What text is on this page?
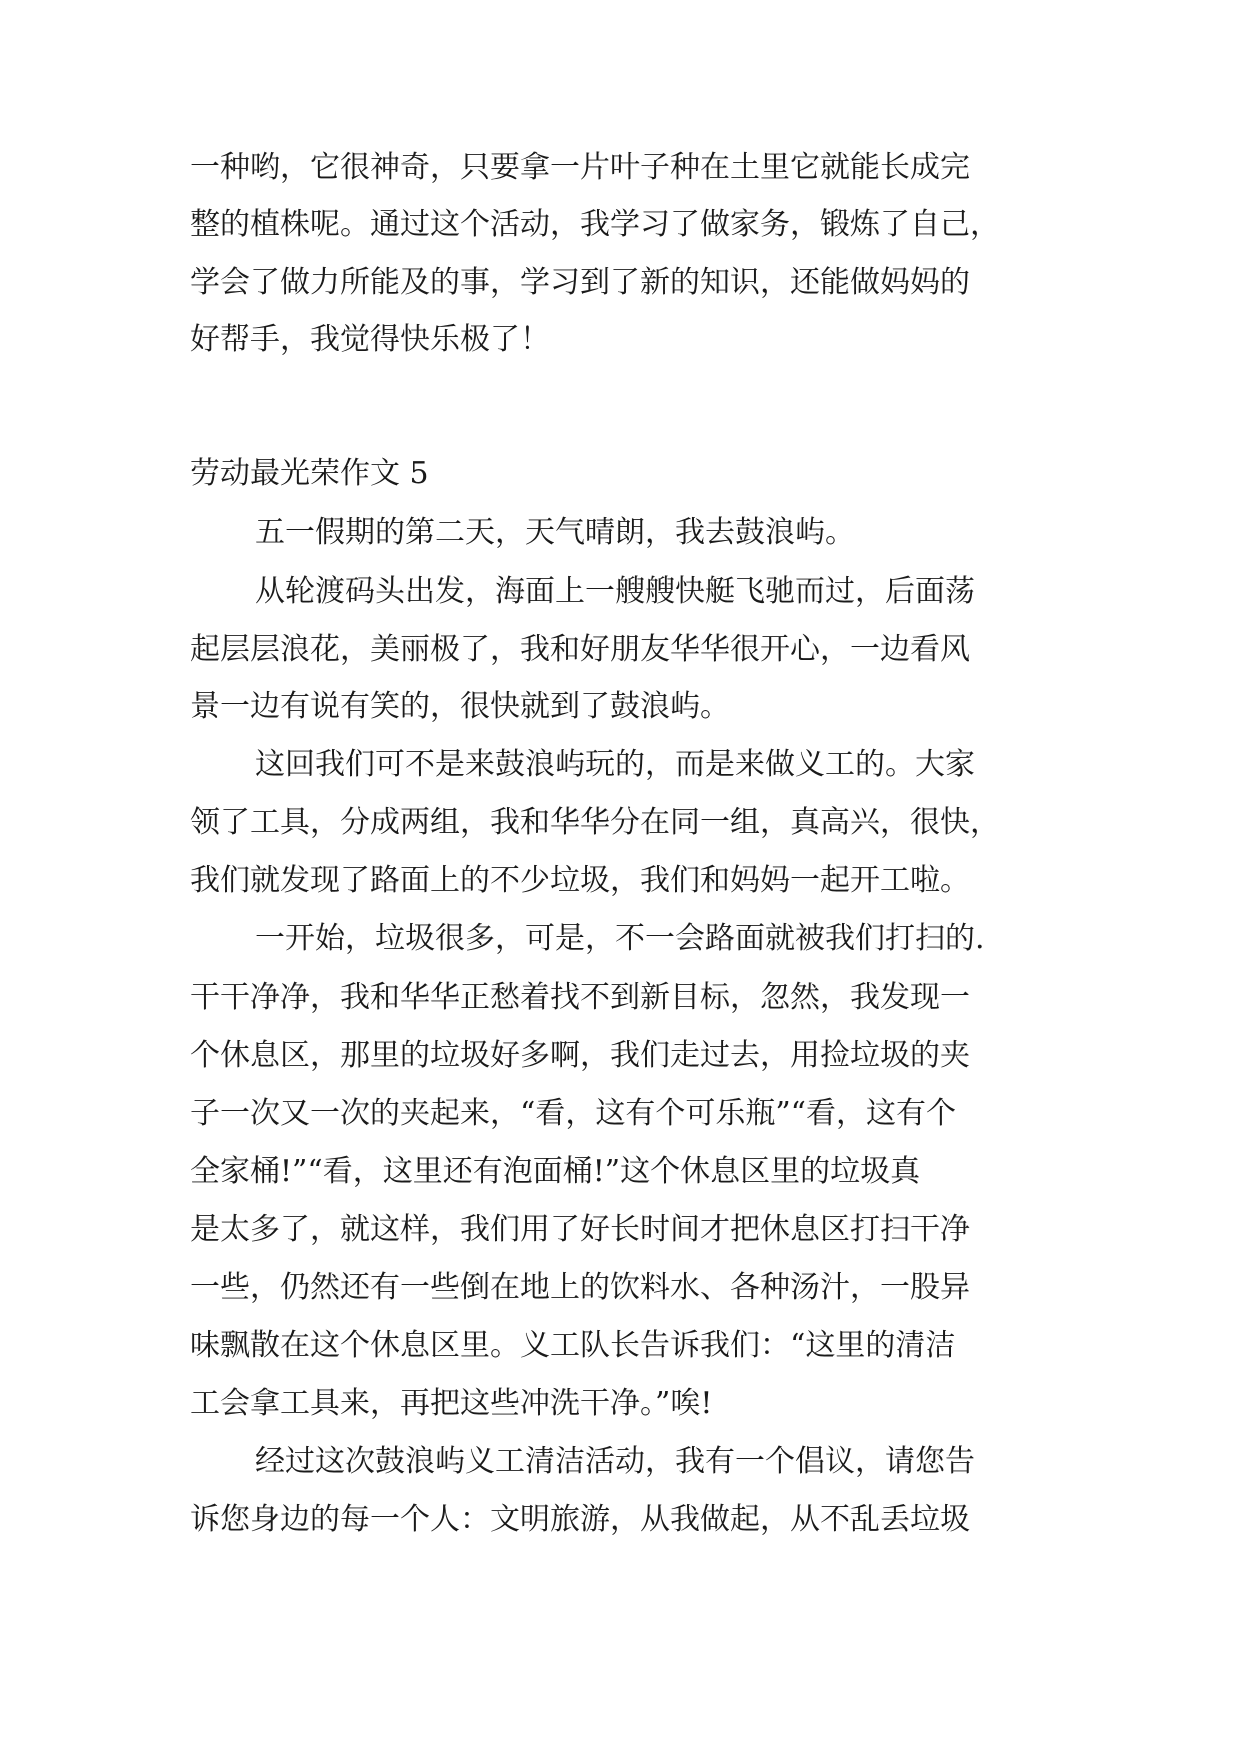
一种哟，它很神奇，只要拿一片叶子种在土里它就能长成完
整的植株呢。通过这个活动，我学习了做家务，锻炼了自己，
学会了做力所能及的事，学习到了新的知识，还能做妈妈的
好帮手，我觉得快乐极了！
劳动最光荣作文 5
五一假期的第二天，天气晴朗，我去鼓浪屿。
从轮渡码头出发，海面上一艘艘快艇飞驰而过，后面荡
起层层浪花，美丽极了，我和好朋友华华很开心，一边看风
景一边有说有笑的，很快就到了鼓浪屿。
这回我们可不是来鼓浪屿玩的，而是来做义工的。大家
领了工具，分成两组，我和华华分在同一组，真高兴，很快，
我们就发现了路面上的不少垃圾，我们和妈妈一起开工啦。
一开始，垃圾很多，可是，不一会路面就被我们打扫的.
干干净净，我和华华正愁着找不到新目标，忽然，我发现一
个休息区，那里的垃圾好多啊，我们走过去，用捡垃圾的夹
子一次又一次的夹起来，“看，这有个可乐瓶”“看，这有个
全家桶!”“看，这里还有泡面桶!”这个休息区里的垃圾真
是太多了，就这样，我们用了好长时间才把休息区打扫干净
一些，仍然还有一些倒在地上的饮料水、各种汤汁，一股异
味飘散在这个休息区里。义工队长告诉我们：“这里的清洁
工会拿工具来，再把这些冲洗干净。”唉!
经过这次鼓浪屿义工清洁活动，我有一个倡议，请您告
诉您身边的每一个人：文明旅游，从我做起，从不乱丢垃圾
